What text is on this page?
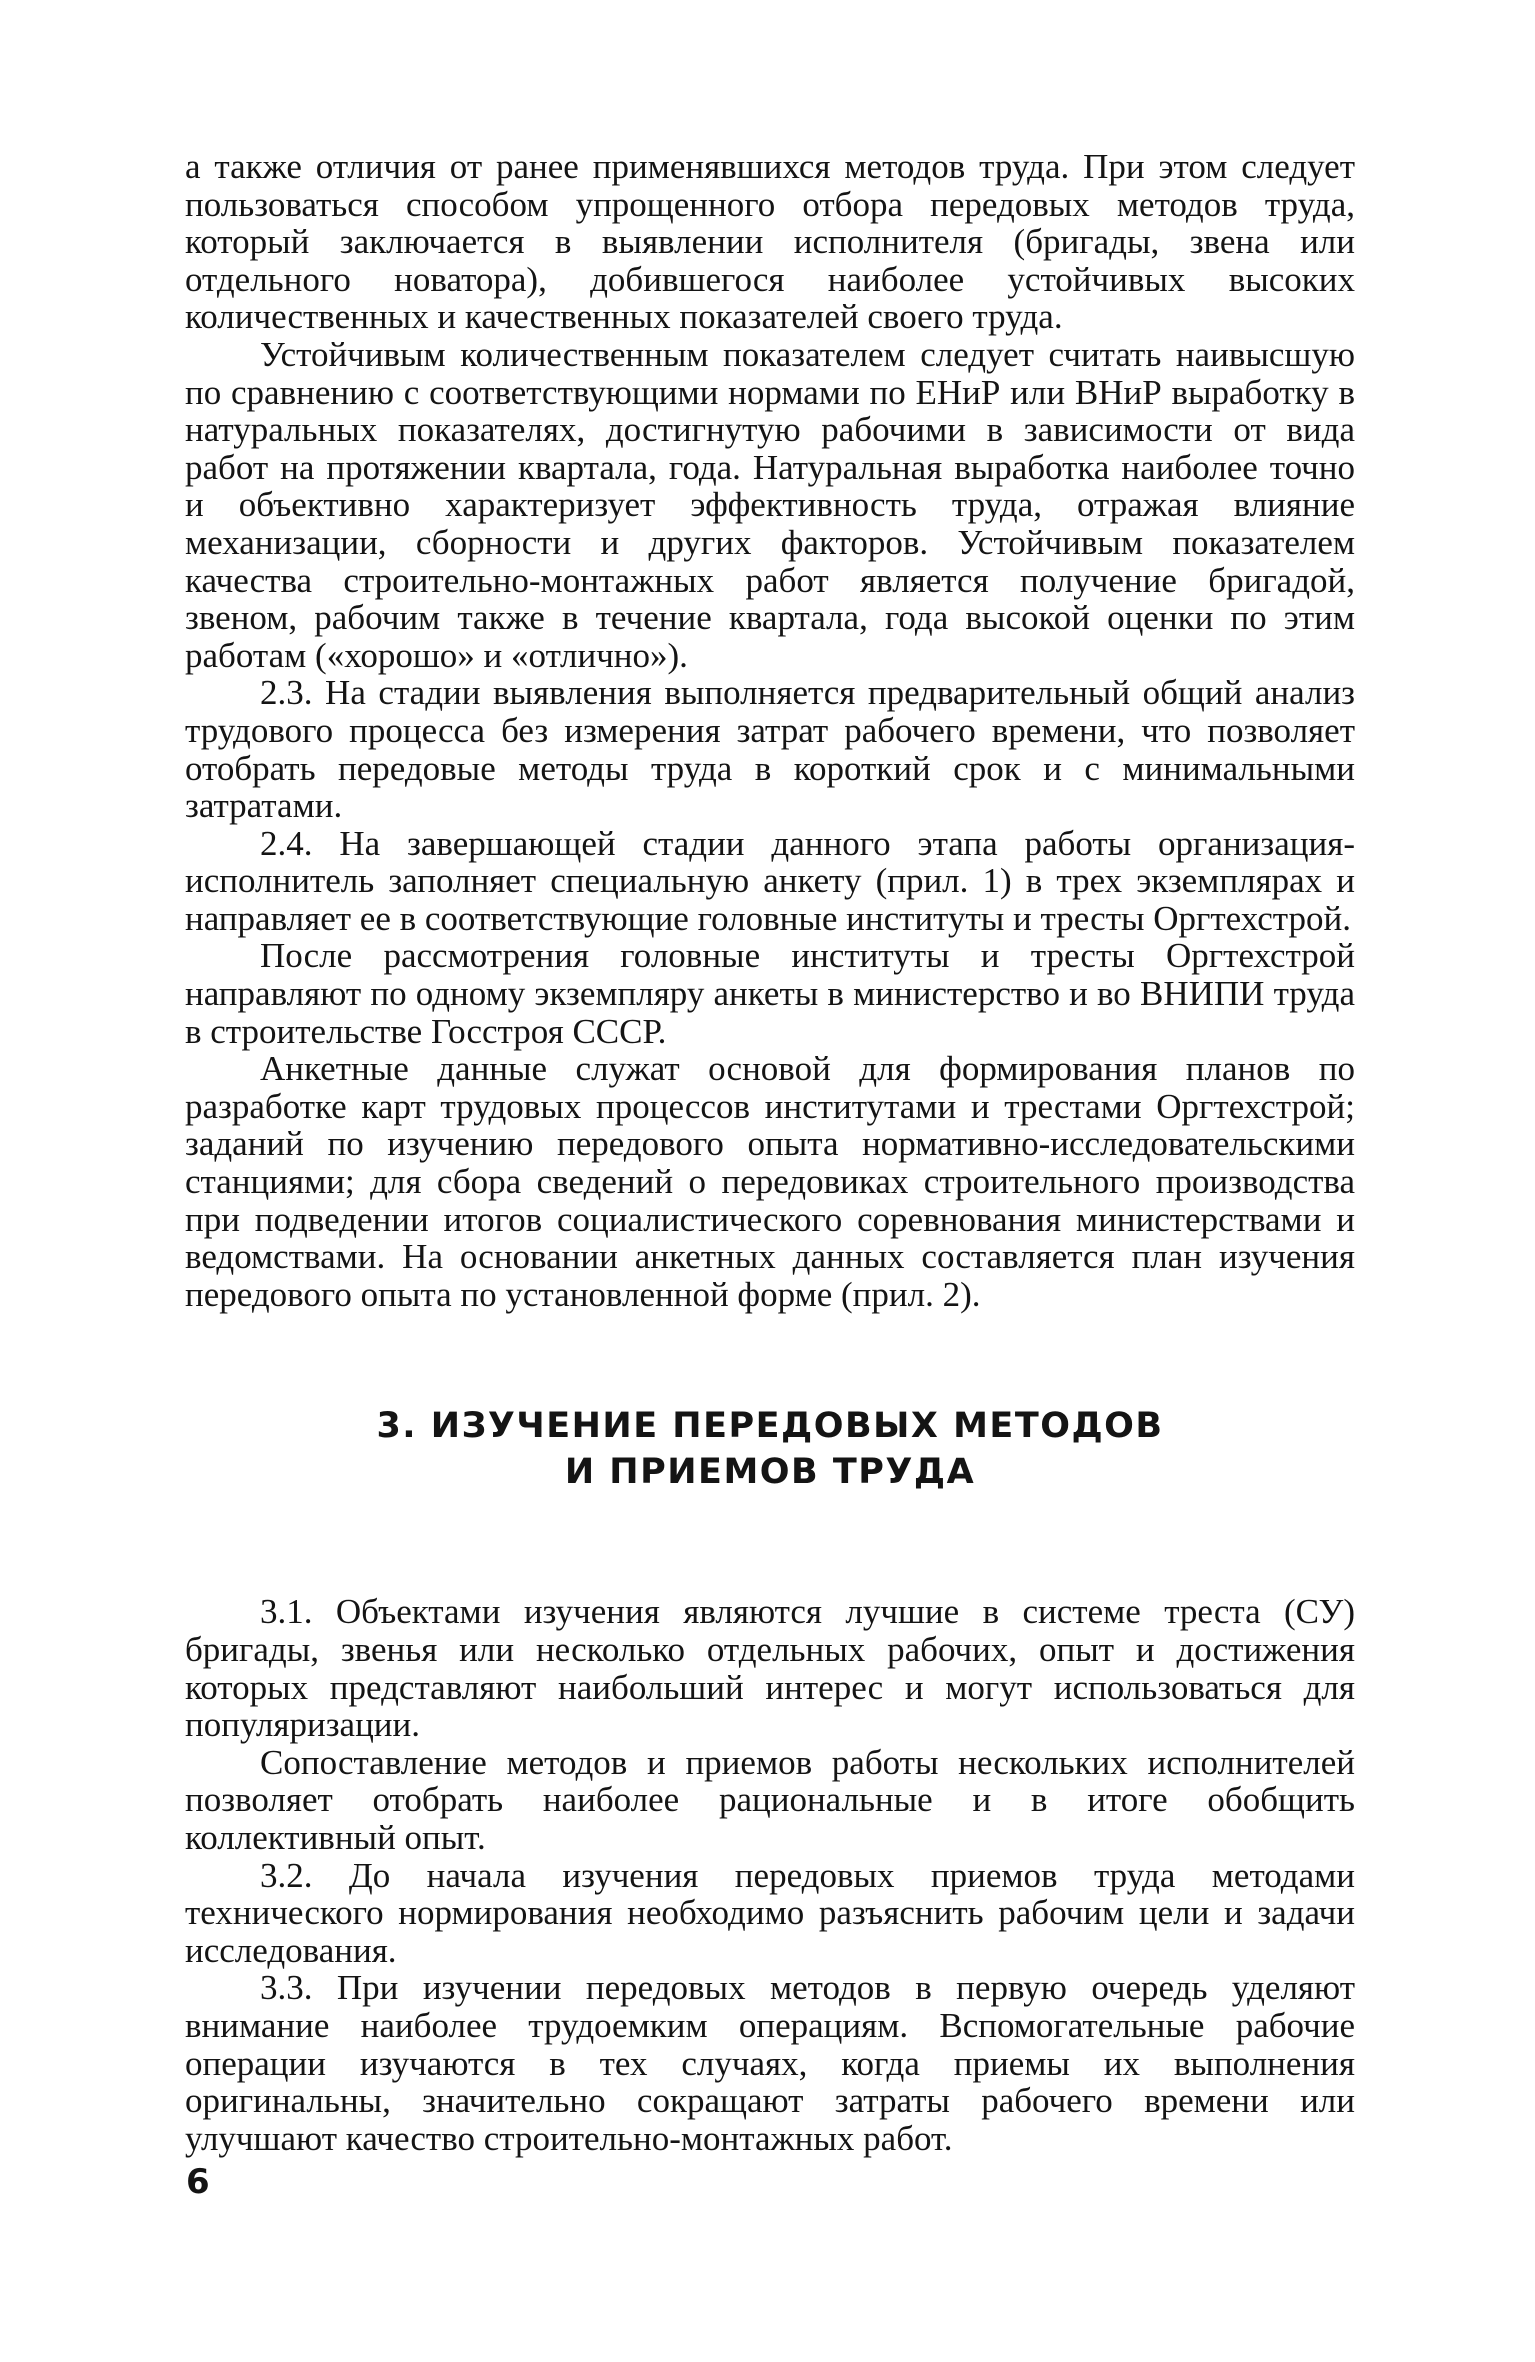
а также отличия от ранее применявшихся методов труда. При этом следует пользоваться способом упрощенного отбора передовых методов труда, который заключается в выявлении исполнителя (бригады, звена или отдельного новатора), добившегося наиболее устойчивых высоких количественных и качественных показателей своего труда.

Устойчивым количественным показателем следует считать наивысшую по сравнению с соответствующими нормами по ЕНиР или ВНиР выработку в натуральных показателях, достигнутую рабочими в зависимости от вида работ на протяжении квартала, года. Натуральная выработка наиболее точно и объективно характеризует эффективность труда, отражая влияние механизации, сборности и других факторов. Устойчивым показателем качества строительно-монтажных работ является получение бригадой, звеном, рабочим также в течение квартала, года высокой оценки по этим работам («хорошо» и «отлично»).

2.3. На стадии выявления выполняется предварительный общий анализ трудового процесса без измерения затрат рабочего времени, что позволяет отобрать передовые методы труда в короткий срок и с минимальными затратами.

2.4. На завершающей стадии данного этапа работы организация-исполнитель заполняет специальную анкету (прил. 1) в трех экземплярах и направляет ее в соответствующие головные институты и тресты Оргтехстрой.

После рассмотрения головные институты и тресты Оргтехстрой направляют по одному экземпляру анкеты в министерство и во ВНИПИ труда в строительстве Госстроя СССР.

Анкетные данные служат основой для формирования планов по разработке карт трудовых процессов институтами и трестами Оргтехстрой; заданий по изучению передового опыта нормативно-исследовательскими станциями; для сбора сведений о передовиках строительного производства при подведении итогов социалистического соревнования министерствами и ведомствами. На основании анкетных данных составляется план изучения передового опыта по установленной форме (прил. 2).

3. ИЗУЧЕНИЕ ПЕРЕДОВЫХ МЕТОДОВ
И ПРИЕМОВ ТРУДА

3.1. Объектами изучения являются лучшие в системе треста (СУ) бригады, звенья или несколько отдельных рабочих, опыт и достижения которых представляют наибольший интерес и могут использоваться для популяризации.

Сопоставление методов и приемов работы нескольких исполнителей позволяет отобрать наиболее рациональные и в итоге обобщить коллективный опыт.

3.2. До начала изучения передовых приемов труда методами технического нормирования необходимо разъяснить рабочим цели и задачи исследования.

3.3. При изучении передовых методов в первую очередь уделяют внимание наиболее трудоемким операциям. Вспомогательные рабочие операции изучаются в тех случаях, когда приемы их выполнения оригинальны, значительно сокращают затраты рабочего времени или улучшают качество строительно-монтажных работ.

6
